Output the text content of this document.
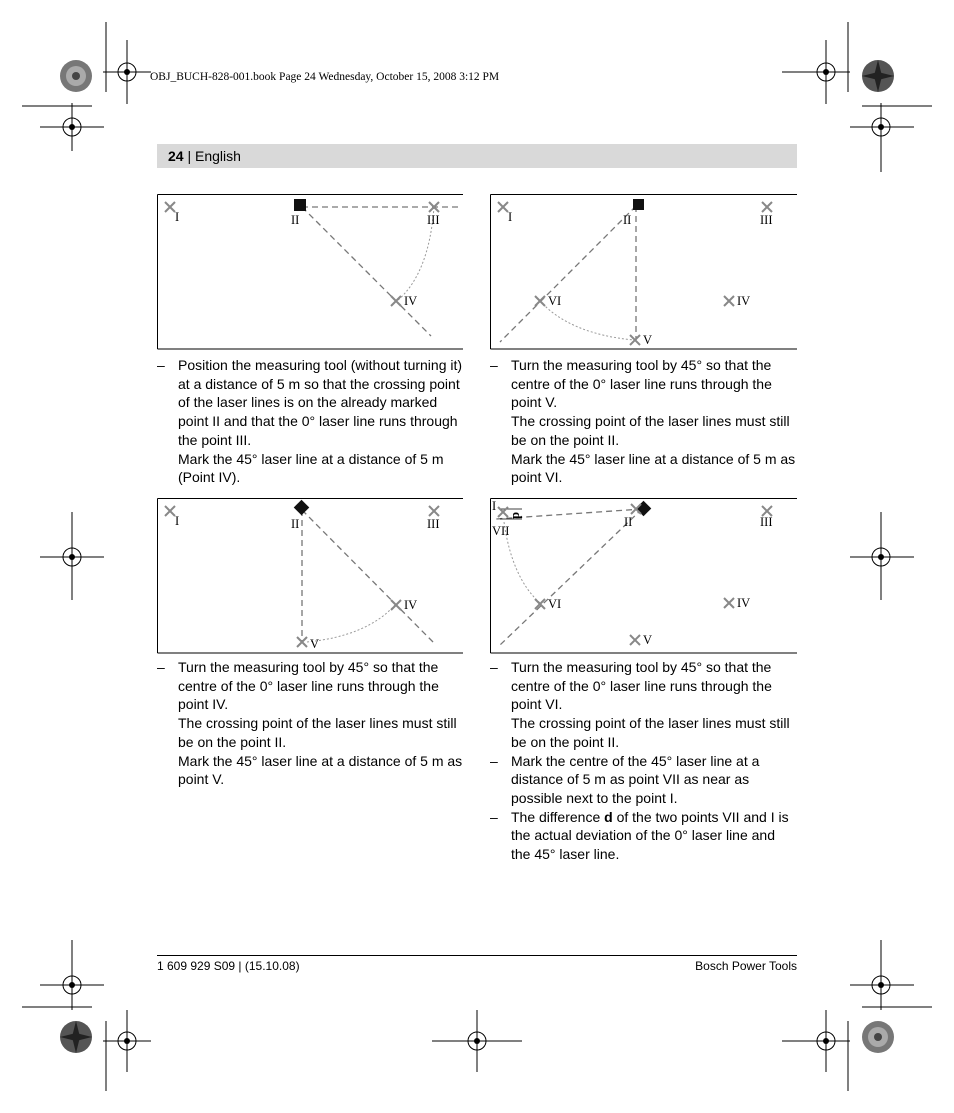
OBJ_BUCH-828-001.book Page 24 Wednesday, October 15, 2008 3:12 PM
24 | English
I	II	III
IV
I	II	III
VI	IV
V
– Position the measuring tool (without turning it) at a distance of 5 m so that the crossing point of the laser lines is on the already marked point II and that the 0° laser line runs through the point III.

Mark the 45° laser line at a distance of 5 m (Point IV).

– Turn the measuring tool by 45° so that the centre of the 0° laser line runs through the point V.

The crossing point of the laser lines must still be on the point II.

Mark the 45° laser line at a distance of 5 m as point VI.

I	II	III
IV
V
I
d
VII
II	III
VI	IV
V
– Turn the measuring tool by 45° so that the centre of the 0° laser line runs through the point IV.

The crossing point of the laser lines must still be on the point II.

Mark the 45° laser line at a distance of 5 m as point V.

– Turn the measuring tool by 45° so that the centre of the 0° laser line runs through the point VI.

The crossing point of the laser lines must still be on the point II.

– Mark the centre of the 45° laser line at a distance of 5 m as point VII as near as possible next to the point I.

– The difference d of the two points VII and I is the actual deviation of the 0° laser line and the 45° laser line.

1 609 929 S09 | (15.10.08)	Bosch Power Tools
